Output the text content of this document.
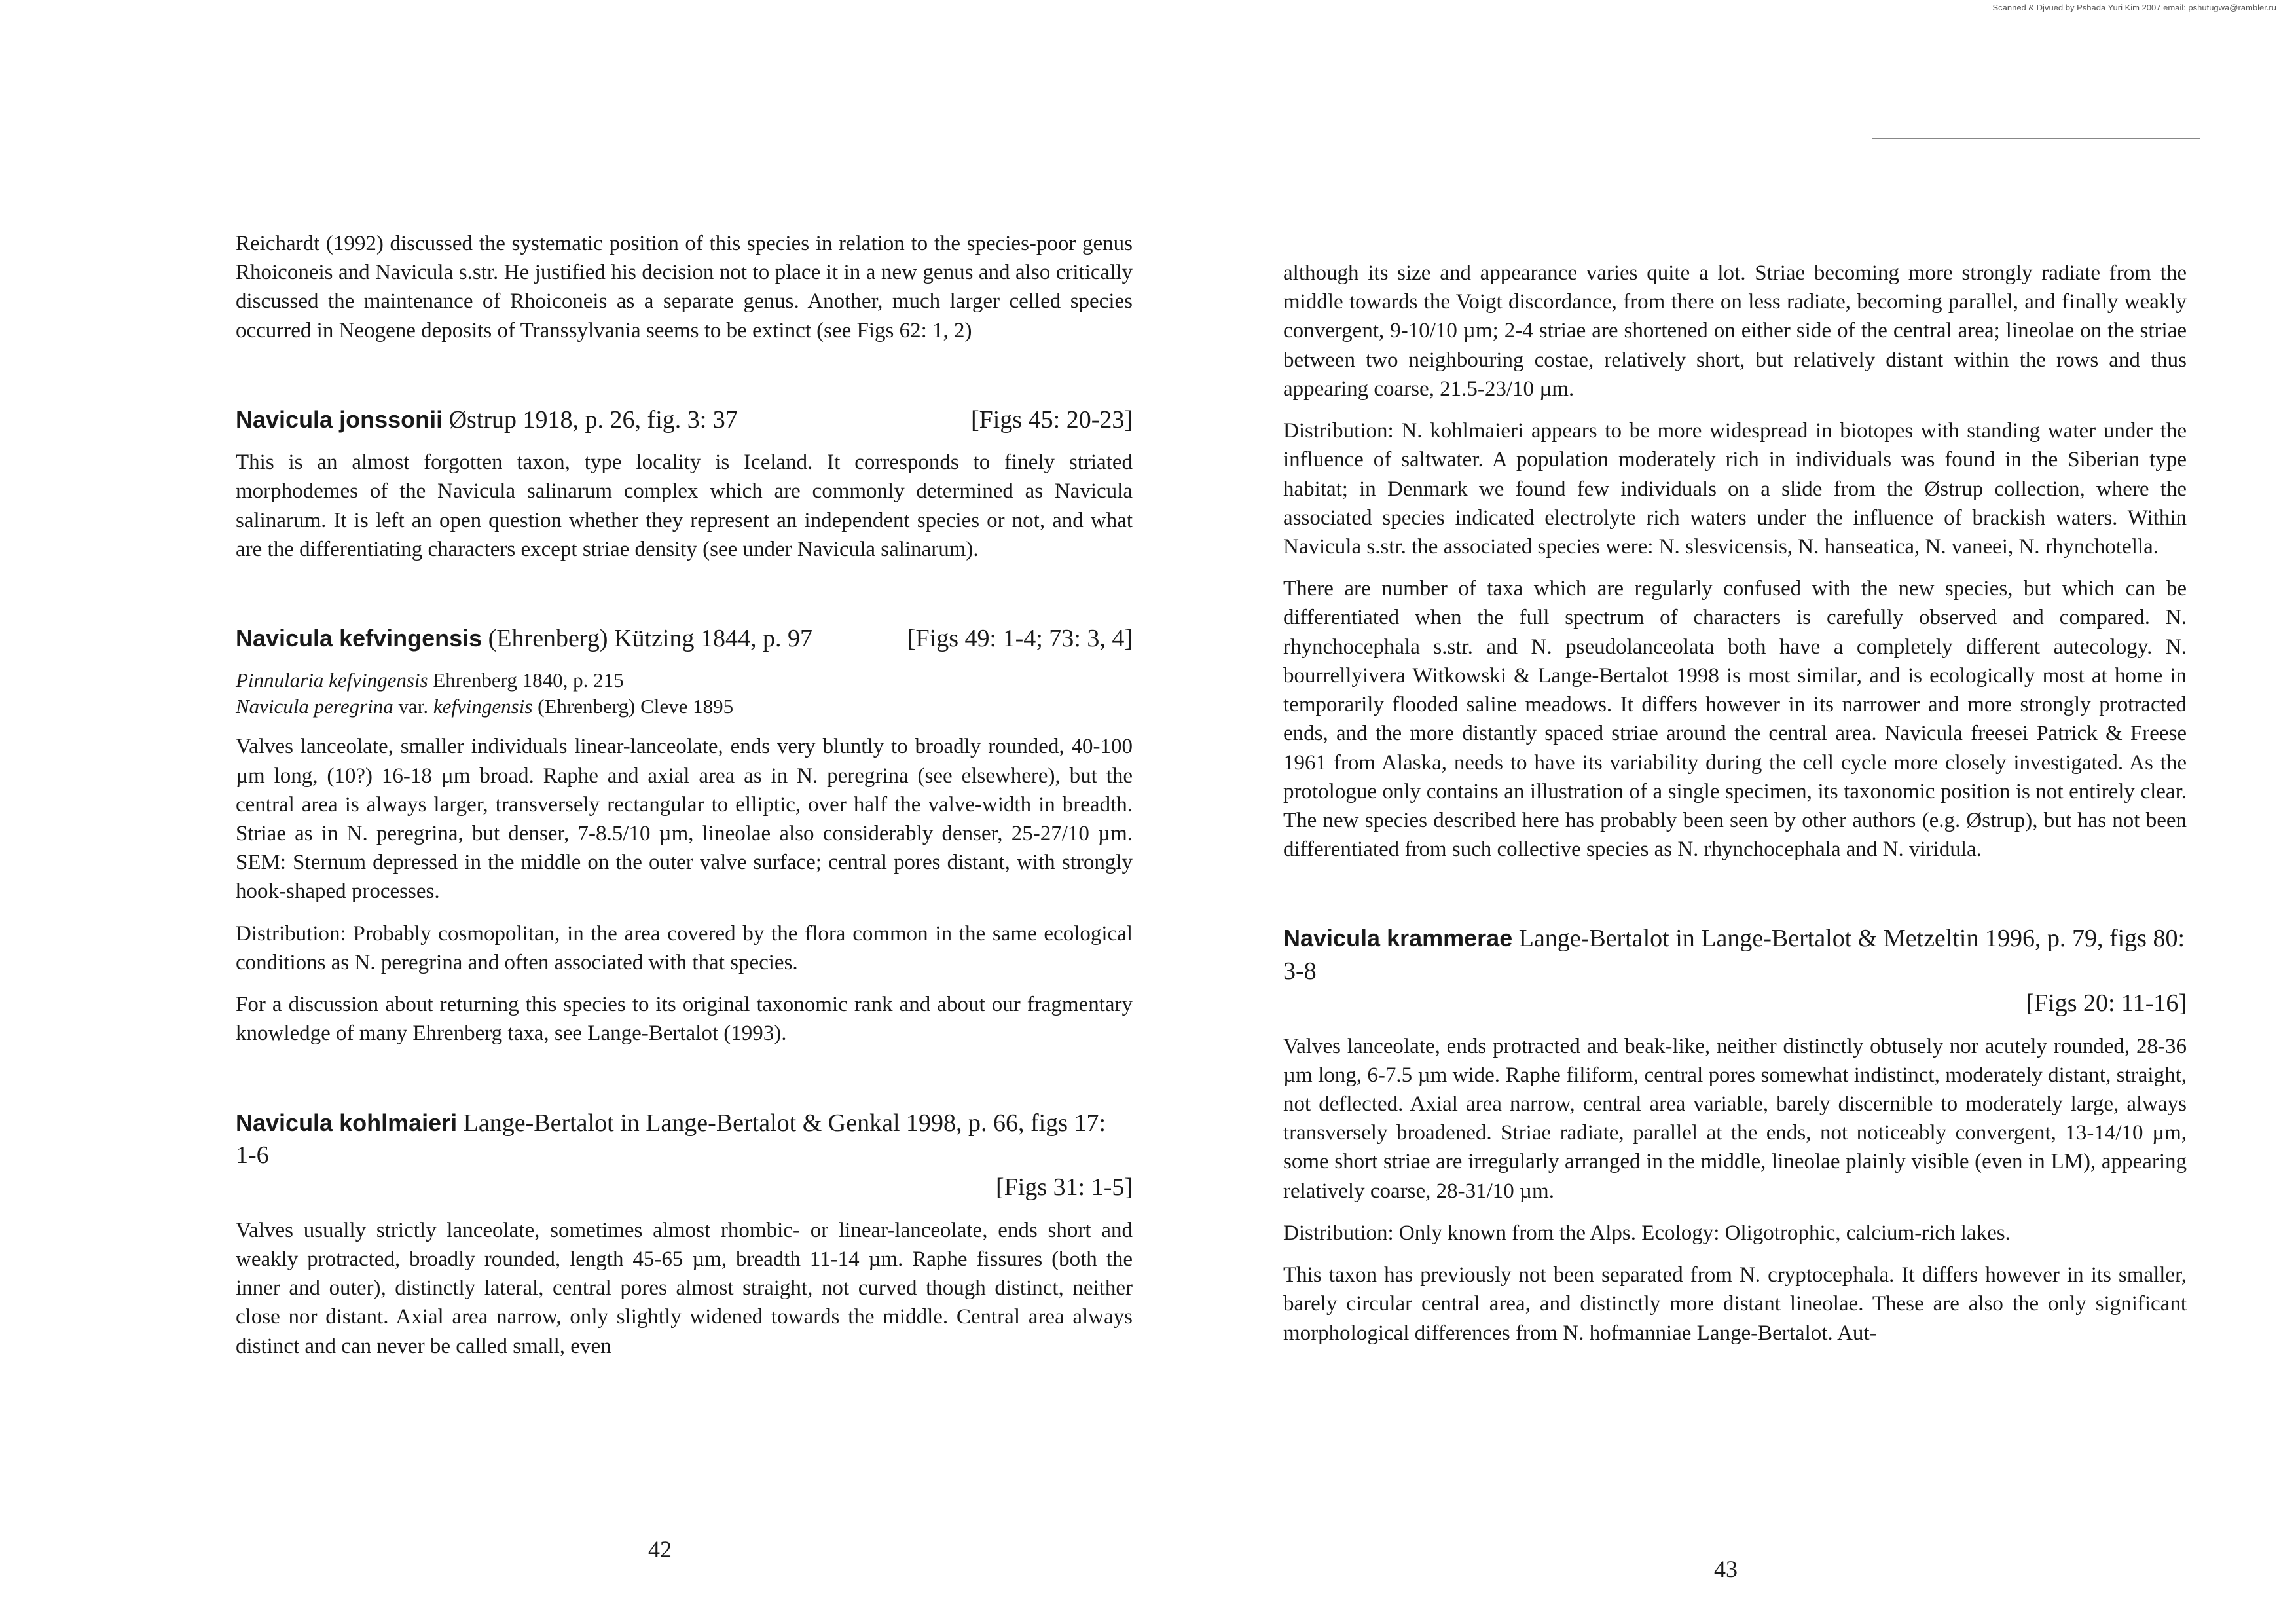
Scanned & Djvued by Pshada Yuri Kim 2007 email: pshutugwa@rambler.ru

Reichardt (1992) discussed the systematic position of this species in relation to the species-poor genus Rhoiconeis and Navicula s.str. He justified his decision not to place it in a new genus and also critically discussed the maintenance of Rhoiconeis as a separate genus. Another, much larger celled species occurred in Neogene deposits of Transsylvania seems to be extinct (see Figs 62: 1, 2)

Navicula jonssonii Østrup 1918, p. 26, fig. 3: 37	[Figs 45: 20-23]

This is an almost forgotten taxon, type locality is Iceland. It corresponds to finely striated morphodemes of the Navicula salinarum complex which are commonly determined as Navicula salinarum. It is left an open question whether they represent an independent species or not, and what are the differentiating characters except striae density (see under Navicula salinarum).

Navicula kefvingensis (Ehrenberg) Kützing 1844, p. 97	[Figs 49: 1-4; 73: 3, 4]
Pinnularia kefvingensis Ehrenberg 1840, p. 215
Navicula peregrina var. kefvingensis (Ehrenberg) Cleve 1895

Valves lanceolate, smaller individuals linear-lanceolate, ends very bluntly to broadly rounded, 40-100 µm long, (10?) 16-18 µm broad. Raphe and axial area as in N. peregrina (see elsewhere), but the central area is always larger, transversely rectangular to elliptic, over half the valve-width in breadth. Striae as in N. peregrina, but denser, 7-8.5/10 µm, lineolae also considerably denser, 25-27/10 µm. SEM: Sternum depressed in the middle on the outer valve surface; central pores distant, with strongly hook-shaped processes.

Distribution: Probably cosmopolitan, in the area covered by the flora common in the same ecological conditions as N. peregrina and often associated with that species.

For a discussion about returning this species to its original taxonomic rank and about our fragmentary knowledge of many Ehrenberg taxa, see Lange-Bertalot (1993).

Navicula kohlmaieri Lange-Bertalot in Lange-Bertalot & Genkal 1998, p. 66, figs 17: 1-6
[Figs 31: 1-5]

Valves usually strictly lanceolate, sometimes almost rhombic- or linear-lanceolate, ends short and weakly protracted, broadly rounded, length 45-65 µm, breadth 11-14 µm. Raphe fissures (both the inner and outer), distinctly lateral, central pores almost straight, not curved though distinct, neither close nor distant. Axial area narrow, only slightly widened towards the middle. Central area always distinct and can never be called small, even

42

although its size and appearance varies quite a lot. Striae becoming more strongly radiate from the middle towards the Voigt discordance, from there on less radiate, becoming parallel, and finally weakly convergent, 9-10/10 µm; 2-4 striae are shortened on either side of the central area; lineolae on the striae between two neighbouring costae, relatively short, but relatively distant within the rows and thus appearing coarse, 21.5-23/10 µm.

Distribution: N. kohlmaieri appears to be more widespread in biotopes with standing water under the influence of saltwater. A population moderately rich in individuals was found in the Siberian type habitat; in Denmark we found few individuals on a slide from the Østrup collection, where the associated species indicated electrolyte rich waters under the influence of brackish waters. Within Navicula s.str. the associated species were: N. slesvicensis, N. hanseatica, N. vaneei, N. rhynchotella.

There are number of taxa which are regularly confused with the new species, but which can be differentiated when the full spectrum of characters is carefully observed and compared. N. rhynchocephala s.str. and N. pseudolanceolata both have a completely different autecology. N. bourrellyivera Witkowski & Lange-Bertalot 1998 is most similar, and is ecologically most at home in temporarily flooded saline meadows. It differs however in its narrower and more strongly protracted ends, and the more distantly spaced striae around the central area. Navicula freesei Patrick & Freese 1961 from Alaska, needs to have its variability during the cell cycle more closely investigated. As the protologue only contains an illustration of a single specimen, its taxonomic position is not entirely clear. The new species described here has probably been seen by other authors (e.g. Østrup), but has not been differentiated from such collective species as N. rhynchocephala and N. viridula.

Navicula krammerae Lange-Bertalot in Lange-Bertalot & Metzeltin 1996, p. 79, figs 80: 3-8
[Figs 20: 11-16]

Valves lanceolate, ends protracted and beak-like, neither distinctly obtusely nor acutely rounded, 28-36 µm long, 6-7.5 µm wide. Raphe filiform, central pores somewhat indistinct, moderately distant, straight, not deflected. Axial area narrow, central area variable, barely discernible to moderately large, always transversely broadened. Striae radiate, parallel at the ends, not noticeably convergent, 13-14/10 µm, some short striae are irregularly arranged in the middle, lineolae plainly visible (even in LM), appearing relatively coarse, 28-31/10 µm.

Distribution: Only known from the Alps. Ecology: Oligotrophic, calcium-rich lakes.

This taxon has previously not been separated from N. cryptocephala. It differs however in its smaller, barely circular central area, and distinctly more distant lineolae. These are also the only significant morphological differences from N. hofmanniae Lange-Bertalot. Aut-

43
